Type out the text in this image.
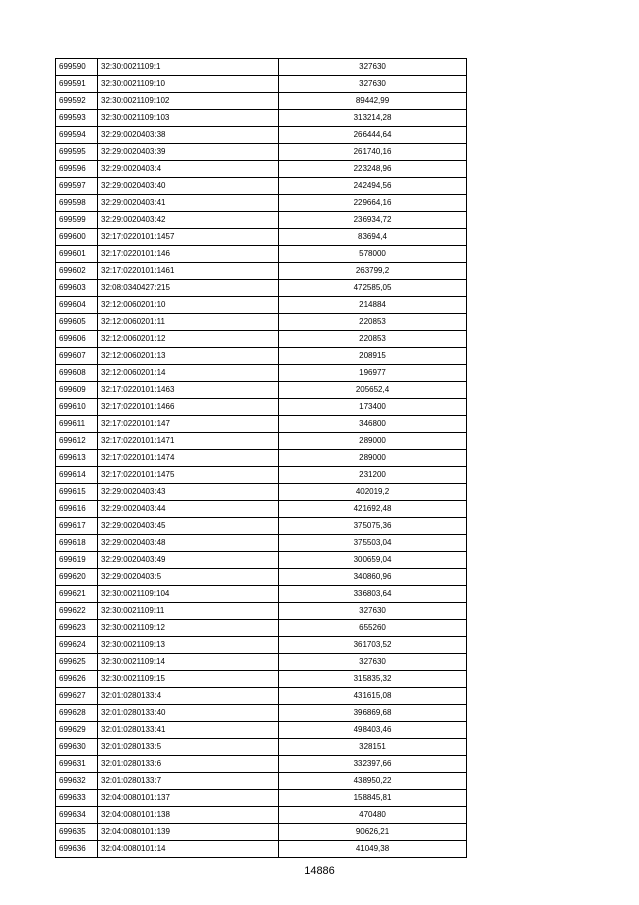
699590	32:30:0021109:1	327630
699591	32:30:0021109:10	327630
699592	32:30:0021109:102	89442,99
699593	32:30:0021109:103	313214,28
699594	32:29:0020403:38	266444,64
699595	32:29:0020403:39	261740,16
699596	32:29:0020403:4	223248,96
699597	32:29:0020403:40	242494,56
699598	32:29:0020403:41	229664,16
699599	32:29:0020403:42	236934,72
699600	32:17:0220101:1457	83694,4
699601	32:17:0220101:146	578000
699602	32:17:0220101:1461	263799,2
699603	32:08:0340427:215	472585,05
699604	32:12:0060201:10	214884
699605	32:12:0060201:11	220853
699606	32:12:0060201:12	220853
699607	32:12:0060201:13	208915
699608	32:12:0060201:14	196977
699609	32:17:0220101:1463	205652,4
699610	32:17:0220101:1466	173400
699611	32:17:0220101:147	346800
699612	32:17:0220101:1471	289000
699613	32:17:0220101:1474	289000
699614	32:17:0220101:1475	231200
699615	32:29:0020403:43	402019,2
699616	32:29:0020403:44	421692,48
699617	32:29:0020403:45	375075,36
699618	32:29:0020403:48	375503,04
699619	32:29:0020403:49	300659,04
699620	32:29:0020403:5	340860,96
699621	32:30:0021109:104	336803,64
699622	32:30:0021109:11	327630
699623	32:30:0021109:12	655260
699624	32:30:0021109:13	361703,52
699625	32:30:0021109:14	327630
699626	32:30:0021109:15	315835,32
699627	32:01:0280133:4	431615,08
699628	32:01:0280133:40	396869,68
699629	32:01:0280133:41	498403,46
699630	32:01:0280133:5	328151
699631	32:01:0280133:6	332397,66
699632	32:01:0280133:7	438950,22
699633	32:04:0080101:137	158845,81
699634	32:04:0080101:138	470480
699635	32:04:0080101:139	90626,21
699636	32:04:0080101:14	41049,38
14886
